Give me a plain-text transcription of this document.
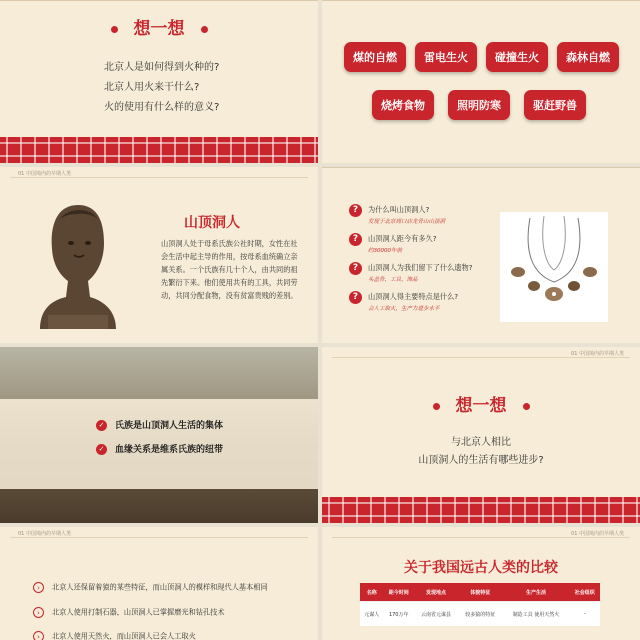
想一想
北京人是如何得到火种的?
北京人用火来干什么?
火的使用有什么样的意义?
煤的自燃	雷电生火	碰撞生火	森林自燃
烧烤食物	照明防寒	驱赶野兽
01 中国境内的早期人类
山顶洞人
山顶洞人处于母系氏族公社时期，女性在社会生活中起主导的作用，按母系血统确立亲属关系。一个氏族有几十个人，由共同的祖先繁衍下来。他们使用共有的工具，共同劳动，共同分配食物，没有贫富贵贱的差别。
?	为什么叫山顶洞人?
发现于北京周口店龙骨山山顶洞
?	山顶洞人距今有多久?
约30000年前
?	山顶洞人为我们留下了什么遗物?
头盖骨、工具、饰品
?	山顶洞人得主要特点是什么?
会人工取火，生产力进步水平
✓ 氏族是山顶洞人生活的集体
✓ 血缘关系是维系氏族的纽带
01 中国境内的早期人类
想一想
与北京人相比
山顶洞人的生活有哪些进步?
01 中国境内的早期人类
› 北京人还保留着猿的某些特征，而山顶洞人的模样和现代人基本相同
› 北京人使用打制石器，山顶洞人已掌握磨光和钻孔技术
› 北京人使用天然火，而山顶洞人已会人工取火
01 中国境内的早期人类
关于我国远古人类的比较
名称	距今时间	发现地点	体貌特征	生产生活	社会组织
元谋人	170万年	云南省元谋县	较多猿的特征	制造工具 使用天然火	-
